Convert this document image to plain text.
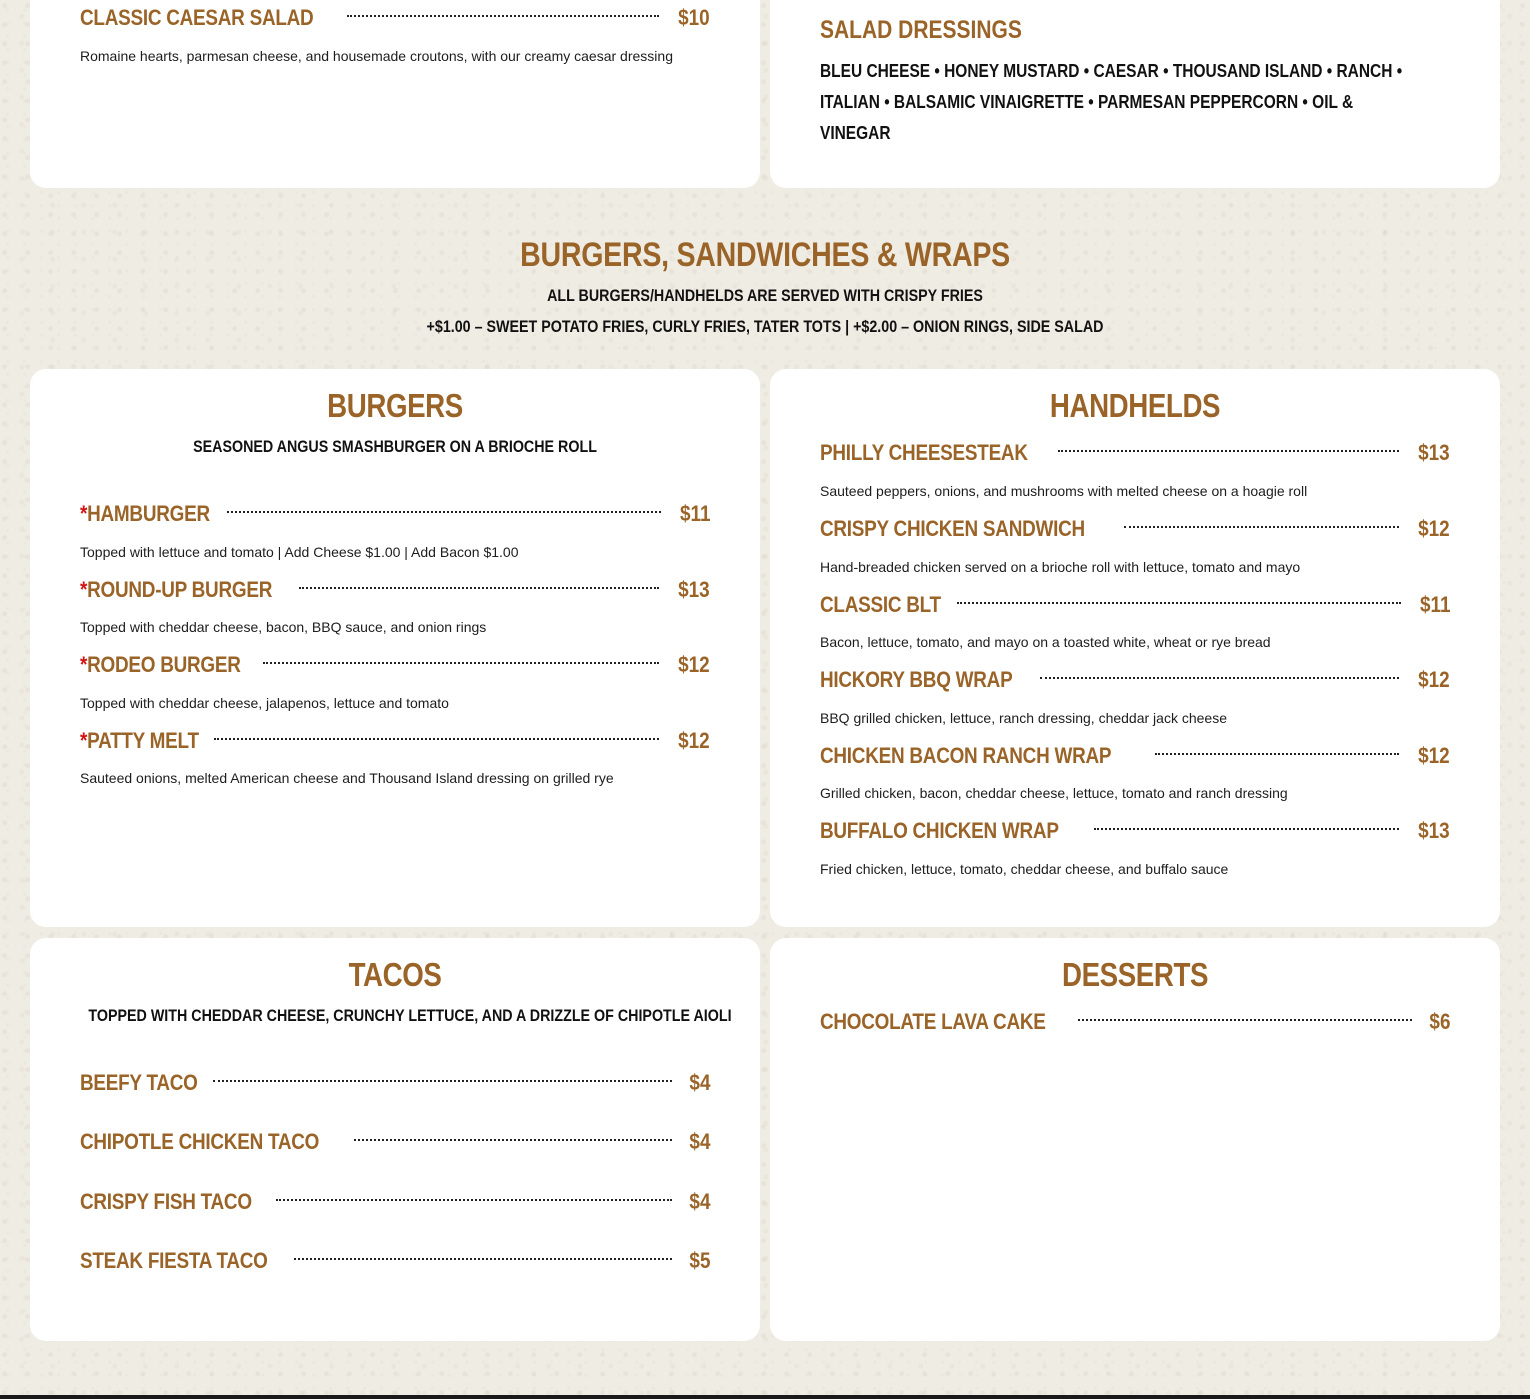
CLASSIC CAESAR SALAD	$10
Romaine hearts, parmesan cheese, and housemade croutons, with our creamy caesar dressing
SALAD DRESSINGS
BLEU CHEESE • HONEY MUSTARD • CAESAR • THOUSAND ISLAND • RANCH • ITALIAN • BALSAMIC VINAIGRETTE • PARMESAN PEPPERCORN • OIL & VINEGAR
BURGERS, SANDWICHES & WRAPS
ALL BURGERS/HANDHELDS ARE SERVED WITH CRISPY FRIES
+$1.00 – SWEET POTATO FRIES, CURLY FRIES, TATER TOTS | +$2.00 – ONION RINGS, SIDE SALAD
BURGERS
SEASONED ANGUS SMASHBURGER ON A BRIOCHE ROLL
*HAMBURGER	$11
Topped with lettuce and tomato | Add Cheese $1.00 | Add Bacon $1.00
*ROUND-UP BURGER	$13
Topped with cheddar cheese, bacon, BBQ sauce, and onion rings
*RODEO BURGER	$12
Topped with cheddar cheese, jalapenos, lettuce and tomato
*PATTY MELT	$12
Sauteed onions, melted American cheese and Thousand Island dressing on grilled rye
HANDHELDS
PHILLY CHEESESTEAK	$13
Sauteed peppers, onions, and mushrooms with melted cheese on a hoagie roll
CRISPY CHICKEN SANDWICH	$12
Hand-breaded chicken served on a brioche roll with lettuce, tomato and mayo
CLASSIC BLT	$11
Bacon, lettuce, tomato, and mayo on a toasted white, wheat or rye bread
HICKORY BBQ WRAP	$12
BBQ grilled chicken, lettuce, ranch dressing, cheddar jack cheese
CHICKEN BACON RANCH WRAP	$12
Grilled chicken, bacon, cheddar cheese, lettuce, tomato and ranch dressing
BUFFALO CHICKEN WRAP	$13
Fried chicken, lettuce, tomato, cheddar cheese, and buffalo sauce
TACOS
TOPPED WITH CHEDDAR CHEESE, CRUNCHY LETTUCE, AND A DRIZZLE OF CHIPOTLE AIOLI
BEEFY TACO	$4
CHIPOTLE CHICKEN TACO	$4
CRISPY FISH TACO	$4
STEAK FIESTA TACO	$5
DESSERTS
CHOCOLATE LAVA CAKE	$6
